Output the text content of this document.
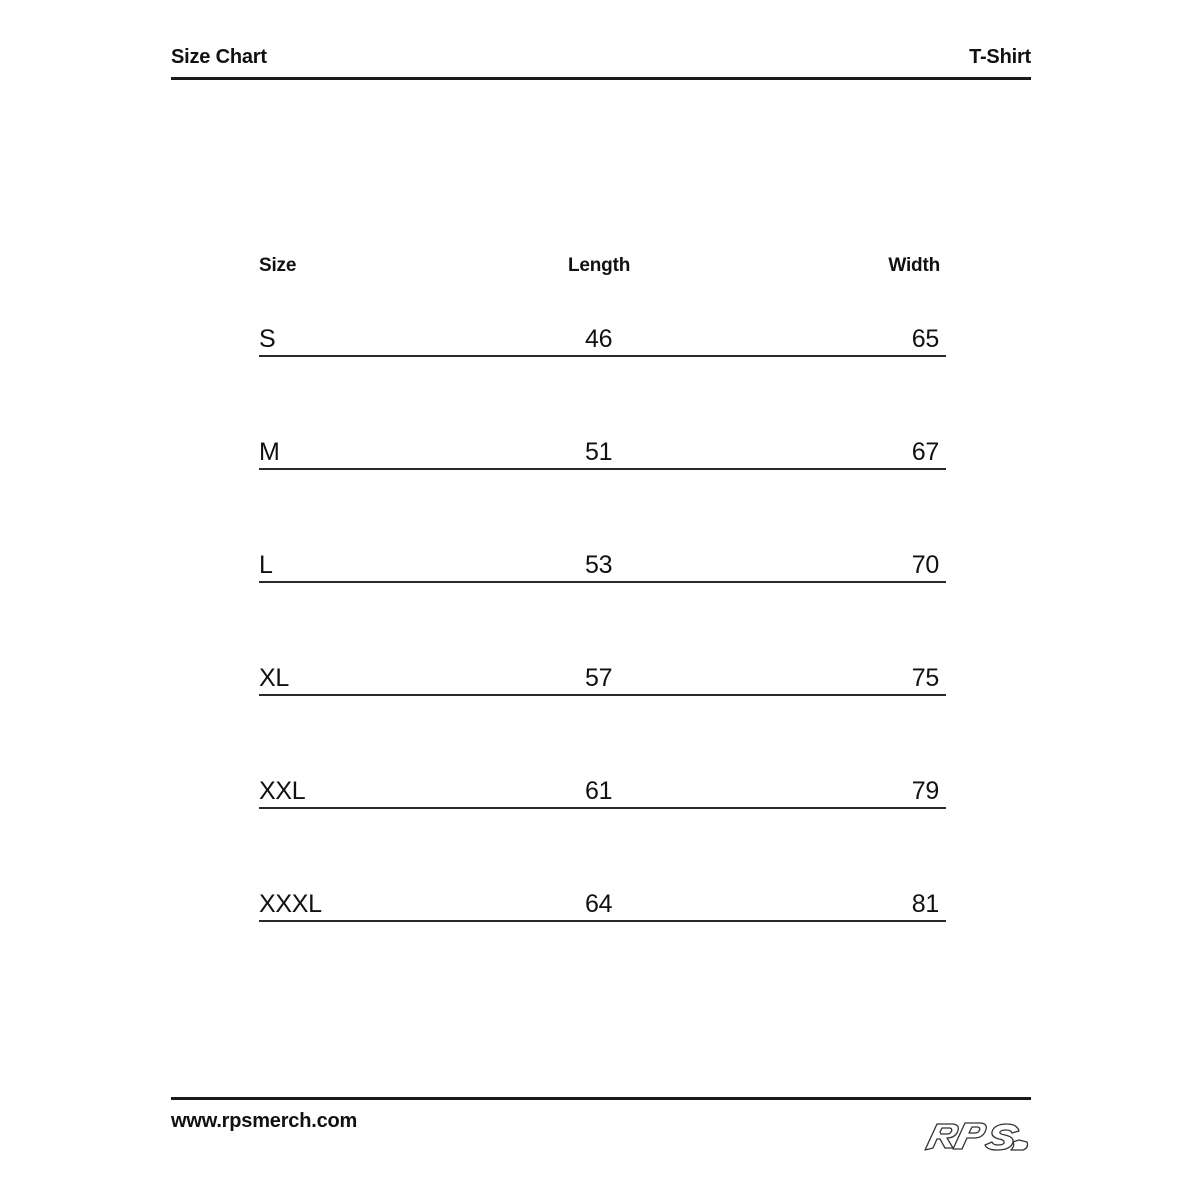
Size Chart	T-Shirt
Size	Length	Width
S	46	65
M	51	67
L	53	70
XL	57	75
XXL	61	79
XXXL	64	81
www.rpsmerch.com
